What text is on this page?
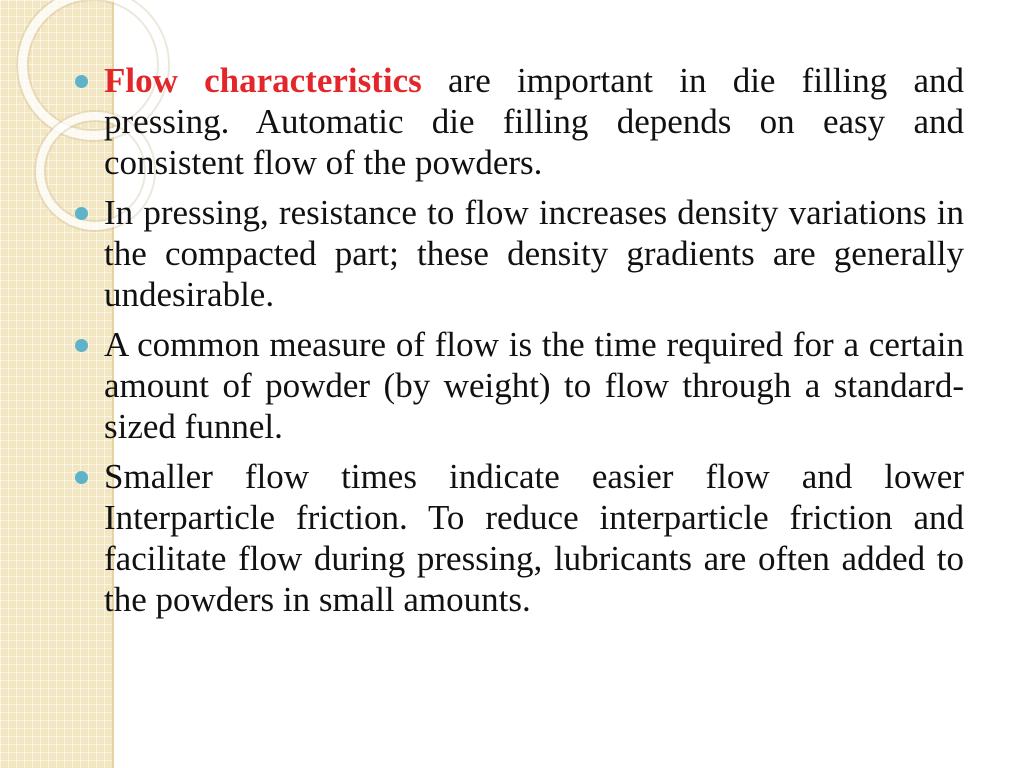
Flow characteristics are important in die filling and pressing. Automatic die filling depends on easy and consistent flow of the powders.
In pressing, resistance to flow increases density variations in the compacted part; these density gradients are generally undesirable.
A common measure of flow is the time required for a certain amount of powder (by weight) to flow through a standard-sized funnel.
Smaller flow times indicate easier flow and lower Interparticle friction. To reduce interparticle friction and facilitate flow during pressing, lubricants are often added to the powders in small amounts.
